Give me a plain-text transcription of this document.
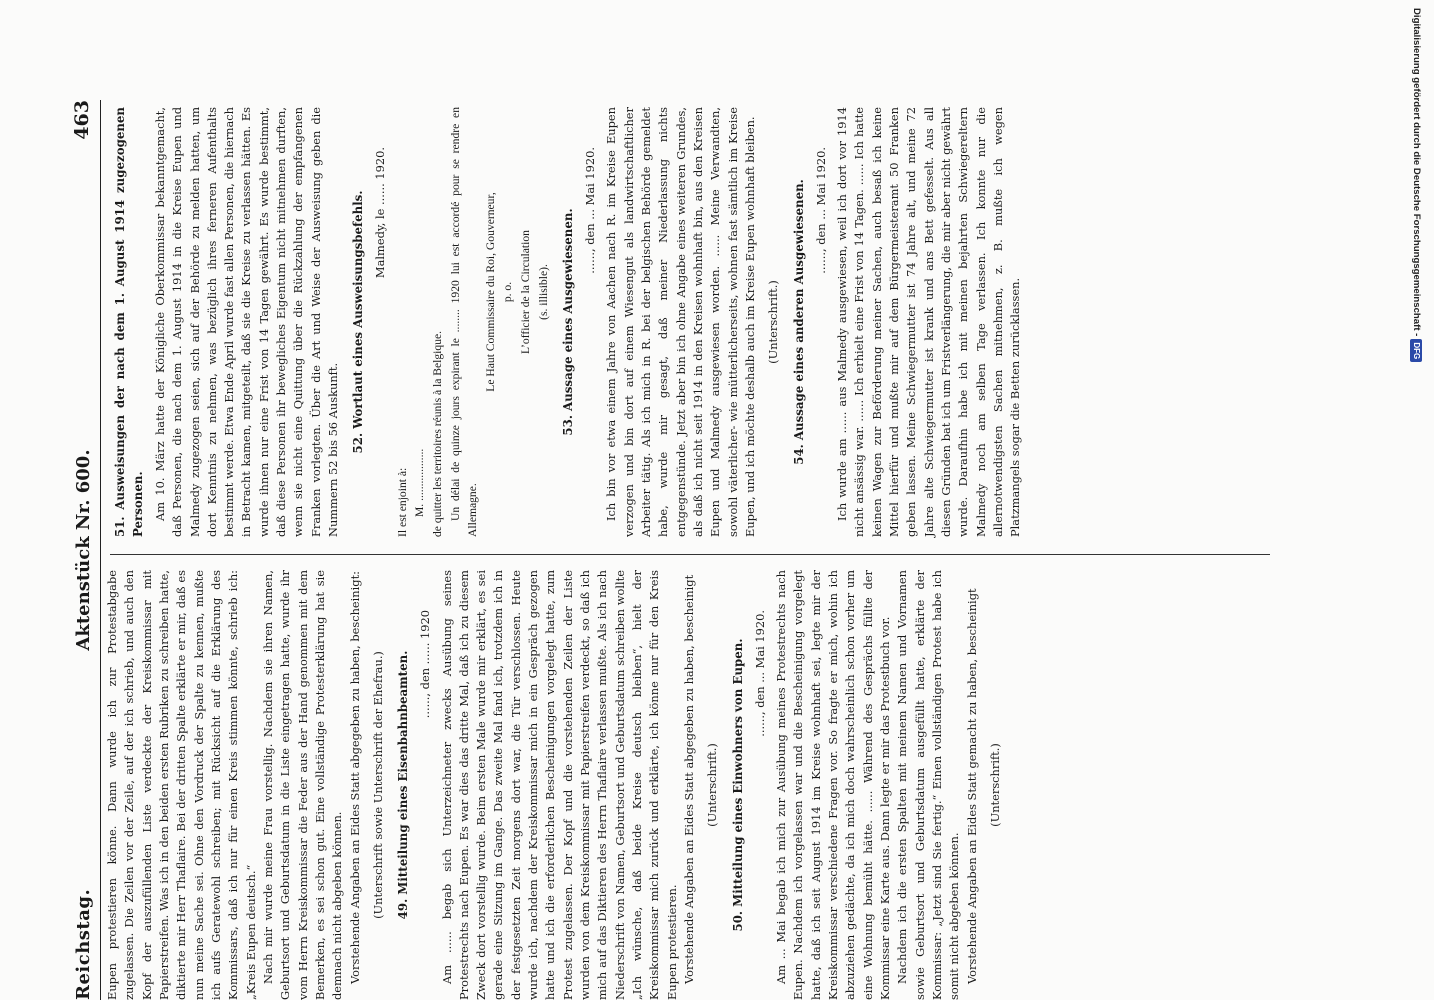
Reichstag.
Aktenstück Nr. 600.
463

Eupen protestieren könne. Dann wurde ich zur Protestabgabe zugelassen. Die Zeilen vor der Zeile, auf der ich schrieb, und auch den Kopf der auszufüllenden Liste verdeckte der Kreiskommissar mit Papierstreifen. Was ich in den beiden ersten Rubriken zu schreiben hatte, diktierte mir Herr Thaflaire. Bei der dritten Spalte erklärte er mir, daß es nun meine Sache sei. Ohne den Vordruck der Spalte zu kennen, mußte ich aufs Geratewohl schreiben; mit Rücksicht auf die Erklärung des Kommissars, daß ich nur für einen Kreis stimmen könnte, schrieb ich: „Kreis Eupen deutsch.“ Nach mir wurde meine Frau vorstellig. Nachdem sie ihren Namen, Geburtsort und Geburtsdatum in die Liste eingetragen hatte, wurde ihr vom Herrn Kreiskommissar die Feder aus der Hand genommen mit dem Bemerken, es sei schon gut. Eine vollständige Protesterklärung hat sie demnach nicht abgeben können. Vorstehende Angaben an Eides Statt abgegeben zu haben, bescheinigt: (Unterschrift sowie Unterschrift der Ehefrau.) 49. Mitteilung eines Eisenbahnbeamten. ......, den ...... 1920 Am ...... begab sich Unterzeichneter zwecks Ausübung seines Protestrechts nach Eupen. Es war dies das dritte Mal, daß ich zu diesem Zweck dort vorstellig wurde. Beim ersten Male wurde mir erklärt, es sei gerade eine Sitzung im Gange. Das zweite Mal fand ich, trotzdem ich in der festgesetzten Zeit morgens dort war, die Tür verschlossen. Heute wurde ich, nachdem der Kreiskommissar mich in ein Gespräch gezogen hatte und ich die erforderlichen Bescheinigungen vorgelegt hatte, zum Protest zugelassen. Der Kopf und die vorstehenden Zeilen der Liste wurden von dem Kreiskommissar mit Papierstreifen verdeckt, so daß ich mich auf das Diktieren des Herrn Thaflaire verlassen mußte. Als ich nach Niederschrift von Namen, Geburtsort und Geburtsdatum schreiben wollte „Ich wünsche, daß beide Kreise deutsch bleiben“, hielt der Kreiskommissar mich zurück und erklärte, ich könne nur für den Kreis Eupen protestieren. Vorstehende Angaben an Eides Statt abgegeben zu haben, bescheinigt (Unterschrift.) 50. Mitteilung eines Einwohners von Eupen. ......, den ... Mai 1920. Am ... Mai begab ich mich zur Ausübung meines Protestrechts nach Eupen. Nachdem ich vorgelassen war und die Bescheinigung vorgelegt hatte, daß ich seit August 1914 im Kreise wohnhaft sei, legte mir der Kreiskommissar verschiedene Fragen vor. So fragte er mich, wohin ich abzuziehen gedächte, da ich mich doch wahrscheinlich schon vorher um eine Wohnung bemüht hätte. ...... Während des Gesprächs füllte der Kommissar eine Karte aus. Dann legte er mir das Protestbuch vor. Nachdem ich die ersten Spalten mit meinem Namen und Vornamen sowie Geburtsort und Geburtsdatum ausgefüllt hatte, erklärte der Kommissar: „Jetzt sind Sie fertig.“ Einen vollständigen Protest habe ich somit nicht abgeben können. Vorstehende Angaben an Eides Statt gemacht zu haben, bescheinigt (Unterschrift.)
51. Ausweisungen der nach dem 1. August 1914 zugezogenen Personen. Am 10. März hatte der Königliche Oberkommissar bekanntgemacht, daß Personen, die nach dem 1. August 1914 in die Kreise Eupen und Malmedy zugezogen seien, sich auf der Behörde zu melden hatten, um dort Kenntnis zu nehmen, was bezüglich ihres ferneren Aufenthalts bestimmt werde. Etwa Ende April wurde fast allen Personen, die hiernach in Betracht kamen, mitgeteilt, daß sie die Kreise zu verlassen hätten. Es wurde ihnen nur eine Frist von 14 Tagen gewährt. Es wurde bestimmt, daß diese Personen ihr bewegliches Eigentum nicht mitnehmen durften, wenn sie nicht eine Quittung über die Rückzahlung der empfangenen Franken vorlegten. Über die Art und Weise der Ausweisung geben die Nummern 52 bis 56 Auskunft. 52. Wortlaut eines Ausweisungsbefehls. Malmedy, le ...... 1920.

Il est enjoint à: M. .................. de quitter les territoires réunis à la Belgique. Un délai de quinze jours expirant le ........ 1920 lui est accordé pour se rendre en Allemagne.

Le Haut Commissaire du Roi, Gouverneur, p. o. L’officier de la Circulation (s. illisible). 53. Aussage eines Ausgewiesenen. ......, den ... Mai 1920. Ich bin vor etwa einem Jahre von Aachen nach R. im Kreise Eupen verzogen und bin dort auf einem Wiesengut als landwirtschaftlicher Arbeiter tätig. Als ich mich in R. bei der belgischen Behörde gemeldet habe, wurde mir gesagt, daß meiner Niederlassung nichts entgegenstünde. Jetzt aber bin ich ohne Angabe eines weiteren Grundes, als daß ich nicht seit 1914 in den Kreisen wohnhaft bin, aus den Kreisen Eupen und Malmedy ausgewiesen worden. ...... Meine Verwandten, sowohl väterlicher- wie mütterlicherseits, wohnen fast sämtlich im Kreise Eupen, und ich möchte deshalb auch im Kreise Eupen wohnhaft bleiben. (Unterschrift.) 54. Aussage eines anderen Ausgewiesenen. ......, den ... Mai 1920. Ich wurde am ...... aus Malmedy ausgewiesen, weil ich dort vor 1914 nicht ansässig war. ...... Ich erhielt eine Frist von 14 Tagen. ...... Ich hatte keinen Wagen zur Beförderung meiner Sachen, auch besaß ich keine Mittel hierfür und mußte mir auf dem Bürgermeisteramt 50 Franken geben lassen. Meine Schwiegermutter ist 74 Jahre alt, und meine 72 Jahre alte Schwiegermutter ist krank und ans Bett gefesselt. Aus all diesen Gründen bat ich um Fristverlängerung, die mir aber nicht gewährt wurde. Daraufhin habe ich mit meinen bejahrten Schwiegereltern Malmedy noch am selben Tage verlassen. Ich konnte nur die allernotwendigsten Sachen mitnehmen, z. B. mußte ich wegen Platzmangels sogar die Betten zurücklassen.

Digitalisierung gefördert durch die Deutsche Forschungsgemeinschaft -DFG
